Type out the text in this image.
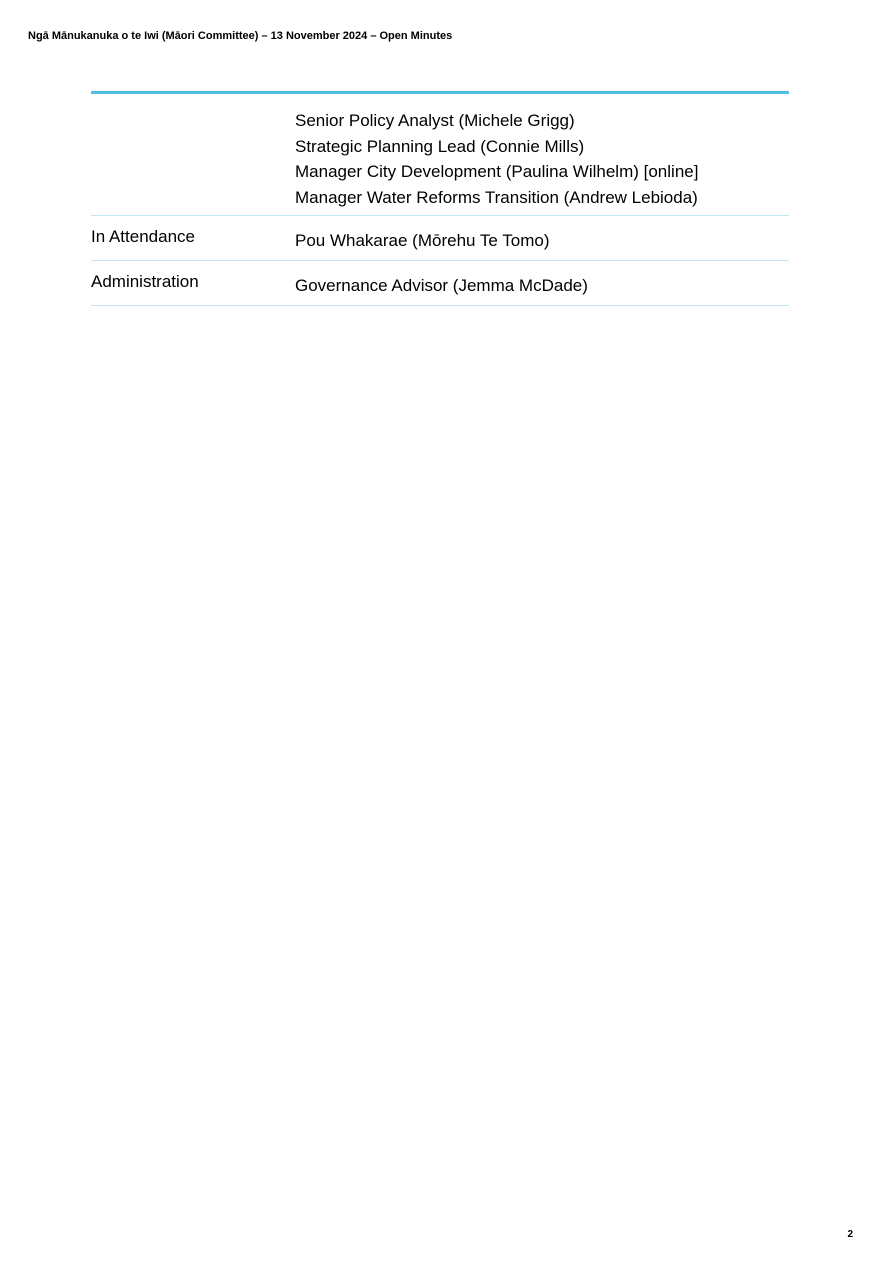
Ngā Mānukanuka o te Iwi (Māori Committee) – 13 November 2024 – Open Minutes
Senior Policy Analyst (Michele Grigg)
Strategic Planning Lead (Connie Mills)
Manager City Development (Paulina Wilhelm) [online]
Manager Water Reforms Transition (Andrew Lebioda)
In Attendance	Pou Whakarae (Mōrehu Te Tomo)
Administration	Governance Advisor (Jemma McDade)
2
